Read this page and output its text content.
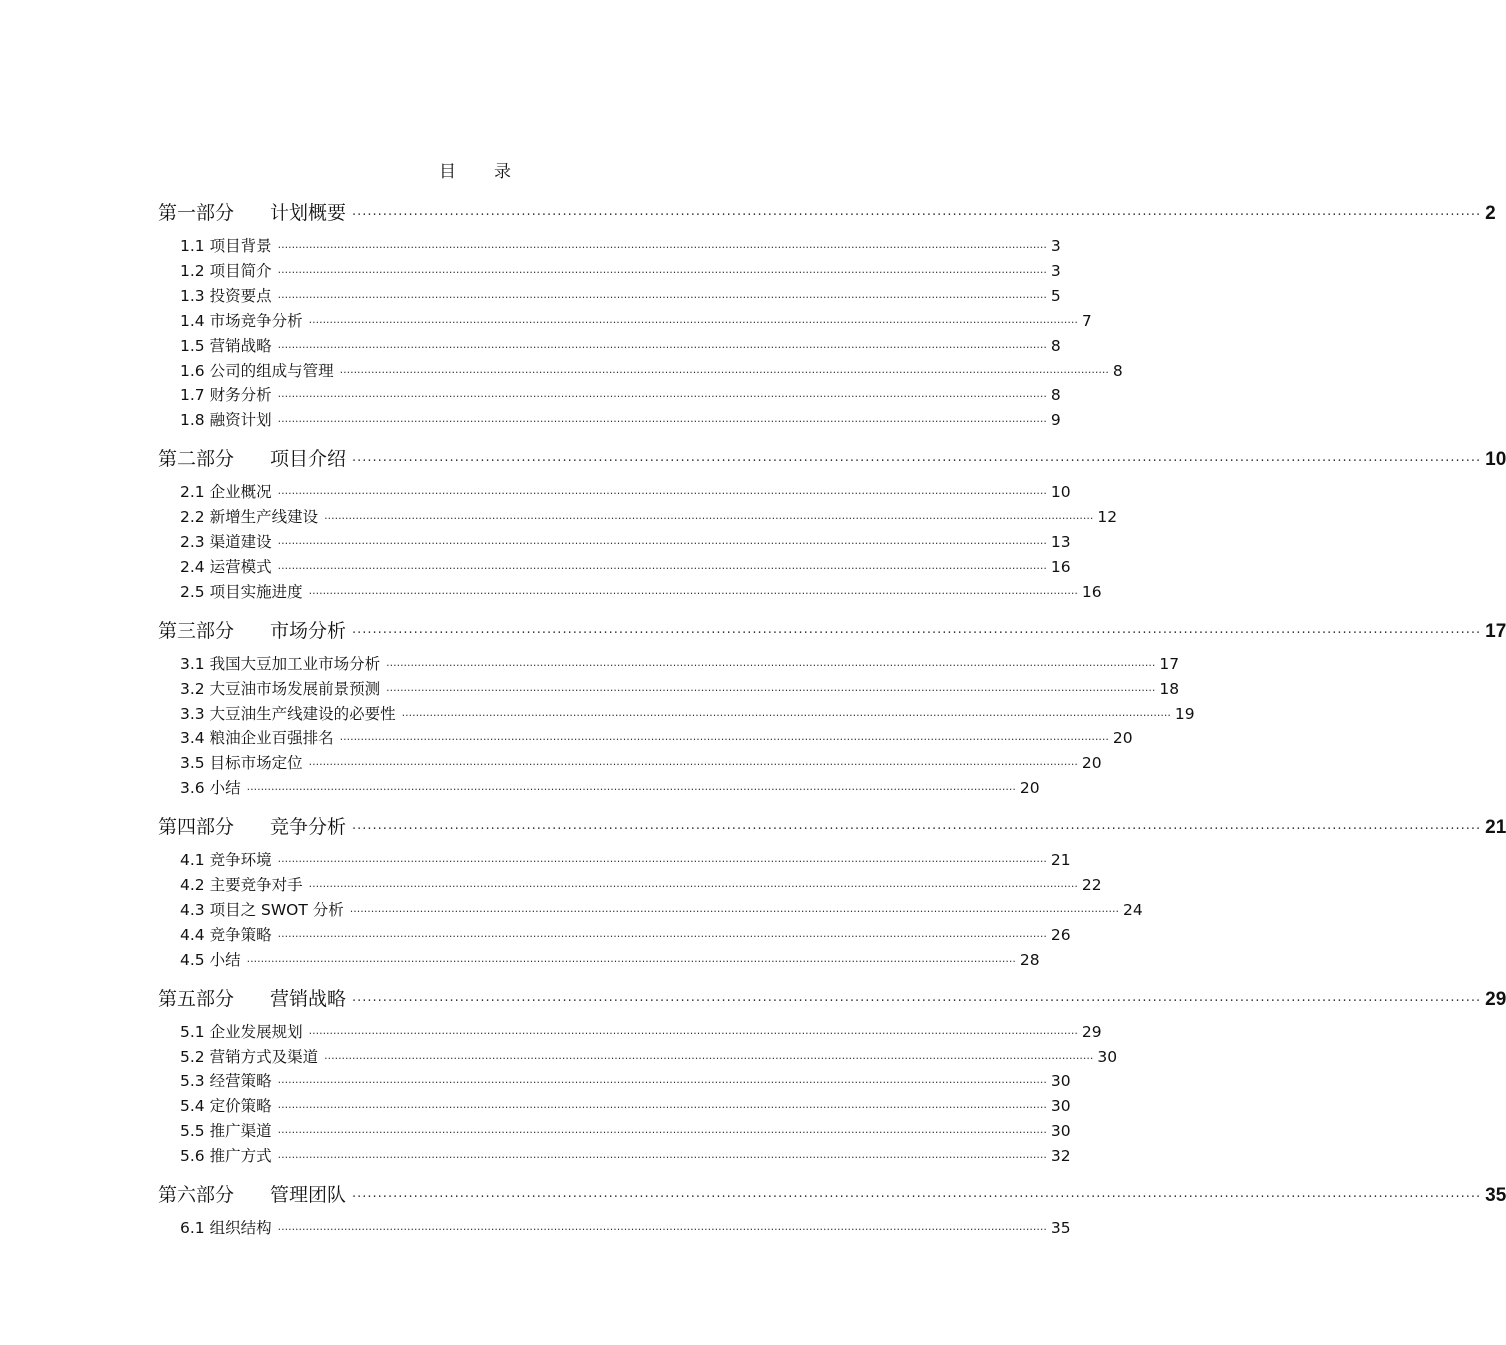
目录
第一部分 计划概要 ···························································································································································································································· 2
1.1 项目背景 ···························································································································································································································· 3
1.2 项目简介 ···························································································································································································································· 3
1.3 投资要点 ···························································································································································································································· 5
1.4 市场竞争分析 ···························································································································································································································· 7
1.5 营销战略 ···························································································································································································································· 8
1.6 公司的组成与管理 ···························································································································································································································· 8
1.7 财务分析 ···························································································································································································································· 8
1.8 融资计划 ···························································································································································································································· 9
第二部分 项目介绍 ···························································································································································································································· 10
2.1 企业概况 ···························································································································································································································· 10
2.2 新增生产线建设 ···························································································································································································································· 12
2.3 渠道建设 ···························································································································································································································· 13
2.4 运营模式 ···························································································································································································································· 16
2.5 项目实施进度 ···························································································································································································································· 16
第三部分 市场分析 ···························································································································································································································· 17
3.1 我国大豆加工业市场分析 ···························································································································································································································· 17
3.2 大豆油市场发展前景预测 ···························································································································································································································· 18
3.3 大豆油生产线建设的必要性 ···························································································································································································································· 19
3.4 粮油企业百强排名 ···························································································································································································································· 20
3.5 目标市场定位 ···························································································································································································································· 20
3.6 小结 ···························································································································································································································· 20
第四部分 竞争分析 ···························································································································································································································· 21
4.1 竞争环境 ···························································································································································································································· 21
4.2 主要竞争对手 ···························································································································································································································· 22
4.3 项目之 SWOT 分析 ···························································································································································································································· 24
4.4 竞争策略 ···························································································································································································································· 26
4.5 小结 ···························································································································································································································· 28
第五部分 营销战略 ···························································································································································································································· 29
5.1 企业发展规划 ···························································································································································································································· 29
5.2 营销方式及渠道 ···························································································································································································································· 30
5.3 经营策略 ···························································································································································································································· 30
5.4 定价策略 ···························································································································································································································· 30
5.5 推广渠道 ···························································································································································································································· 30
5.6 推广方式 ···························································································································································································································· 32
第六部分 管理团队 ···························································································································································································································· 35
6.1 组织结构 ···························································································································································································································· 35
